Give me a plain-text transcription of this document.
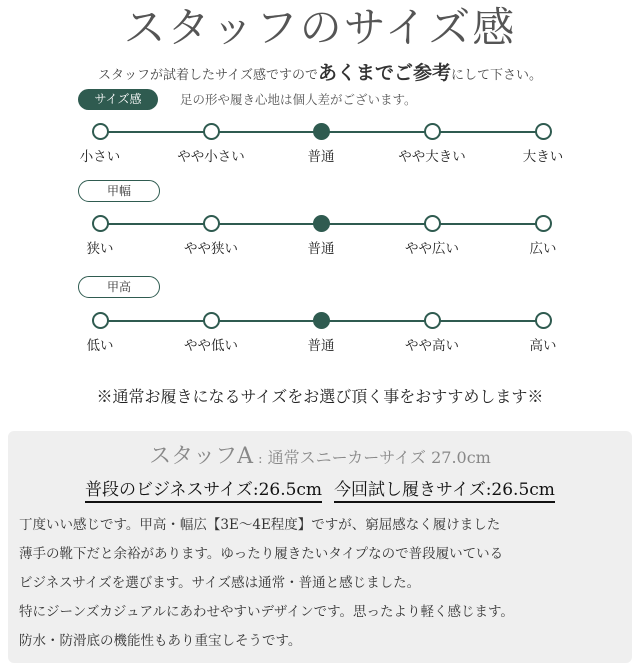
スタッフのサイズ感
スタッフが試着したサイズ感ですのであくまでご参考にして下さい。
サイズ感	足の形や履き心地は個人差がございます。
小さい	やや小さい	普通	やや大きい	大きい
甲幅
狭い	やや狭い	普通	やや広い	広い
甲高
低い	やや低い	普通	やや高い	高い
※通常お履きになるサイズをお選び頂く事をおすすめします※
スタッフA : 通常スニーカーサイズ 27.0cm
普段のビジネスサイズ:26.5cm 今回試し履きサイズ:26.5cm
丁度いい感じです。甲高・幅広【3E～4E程度】ですが、窮屈感なく履けました
薄手の靴下だと余裕があります。ゆったり履きたいタイプなので普段履いている
ビジネスサイズを選びます。サイズ感は通常・普通と感じました。
特にジーンズカジュアルにあわせやすいデザインです。思ったより軽く感じます。
防水・防滑底の機能性もあり重宝しそうです。
